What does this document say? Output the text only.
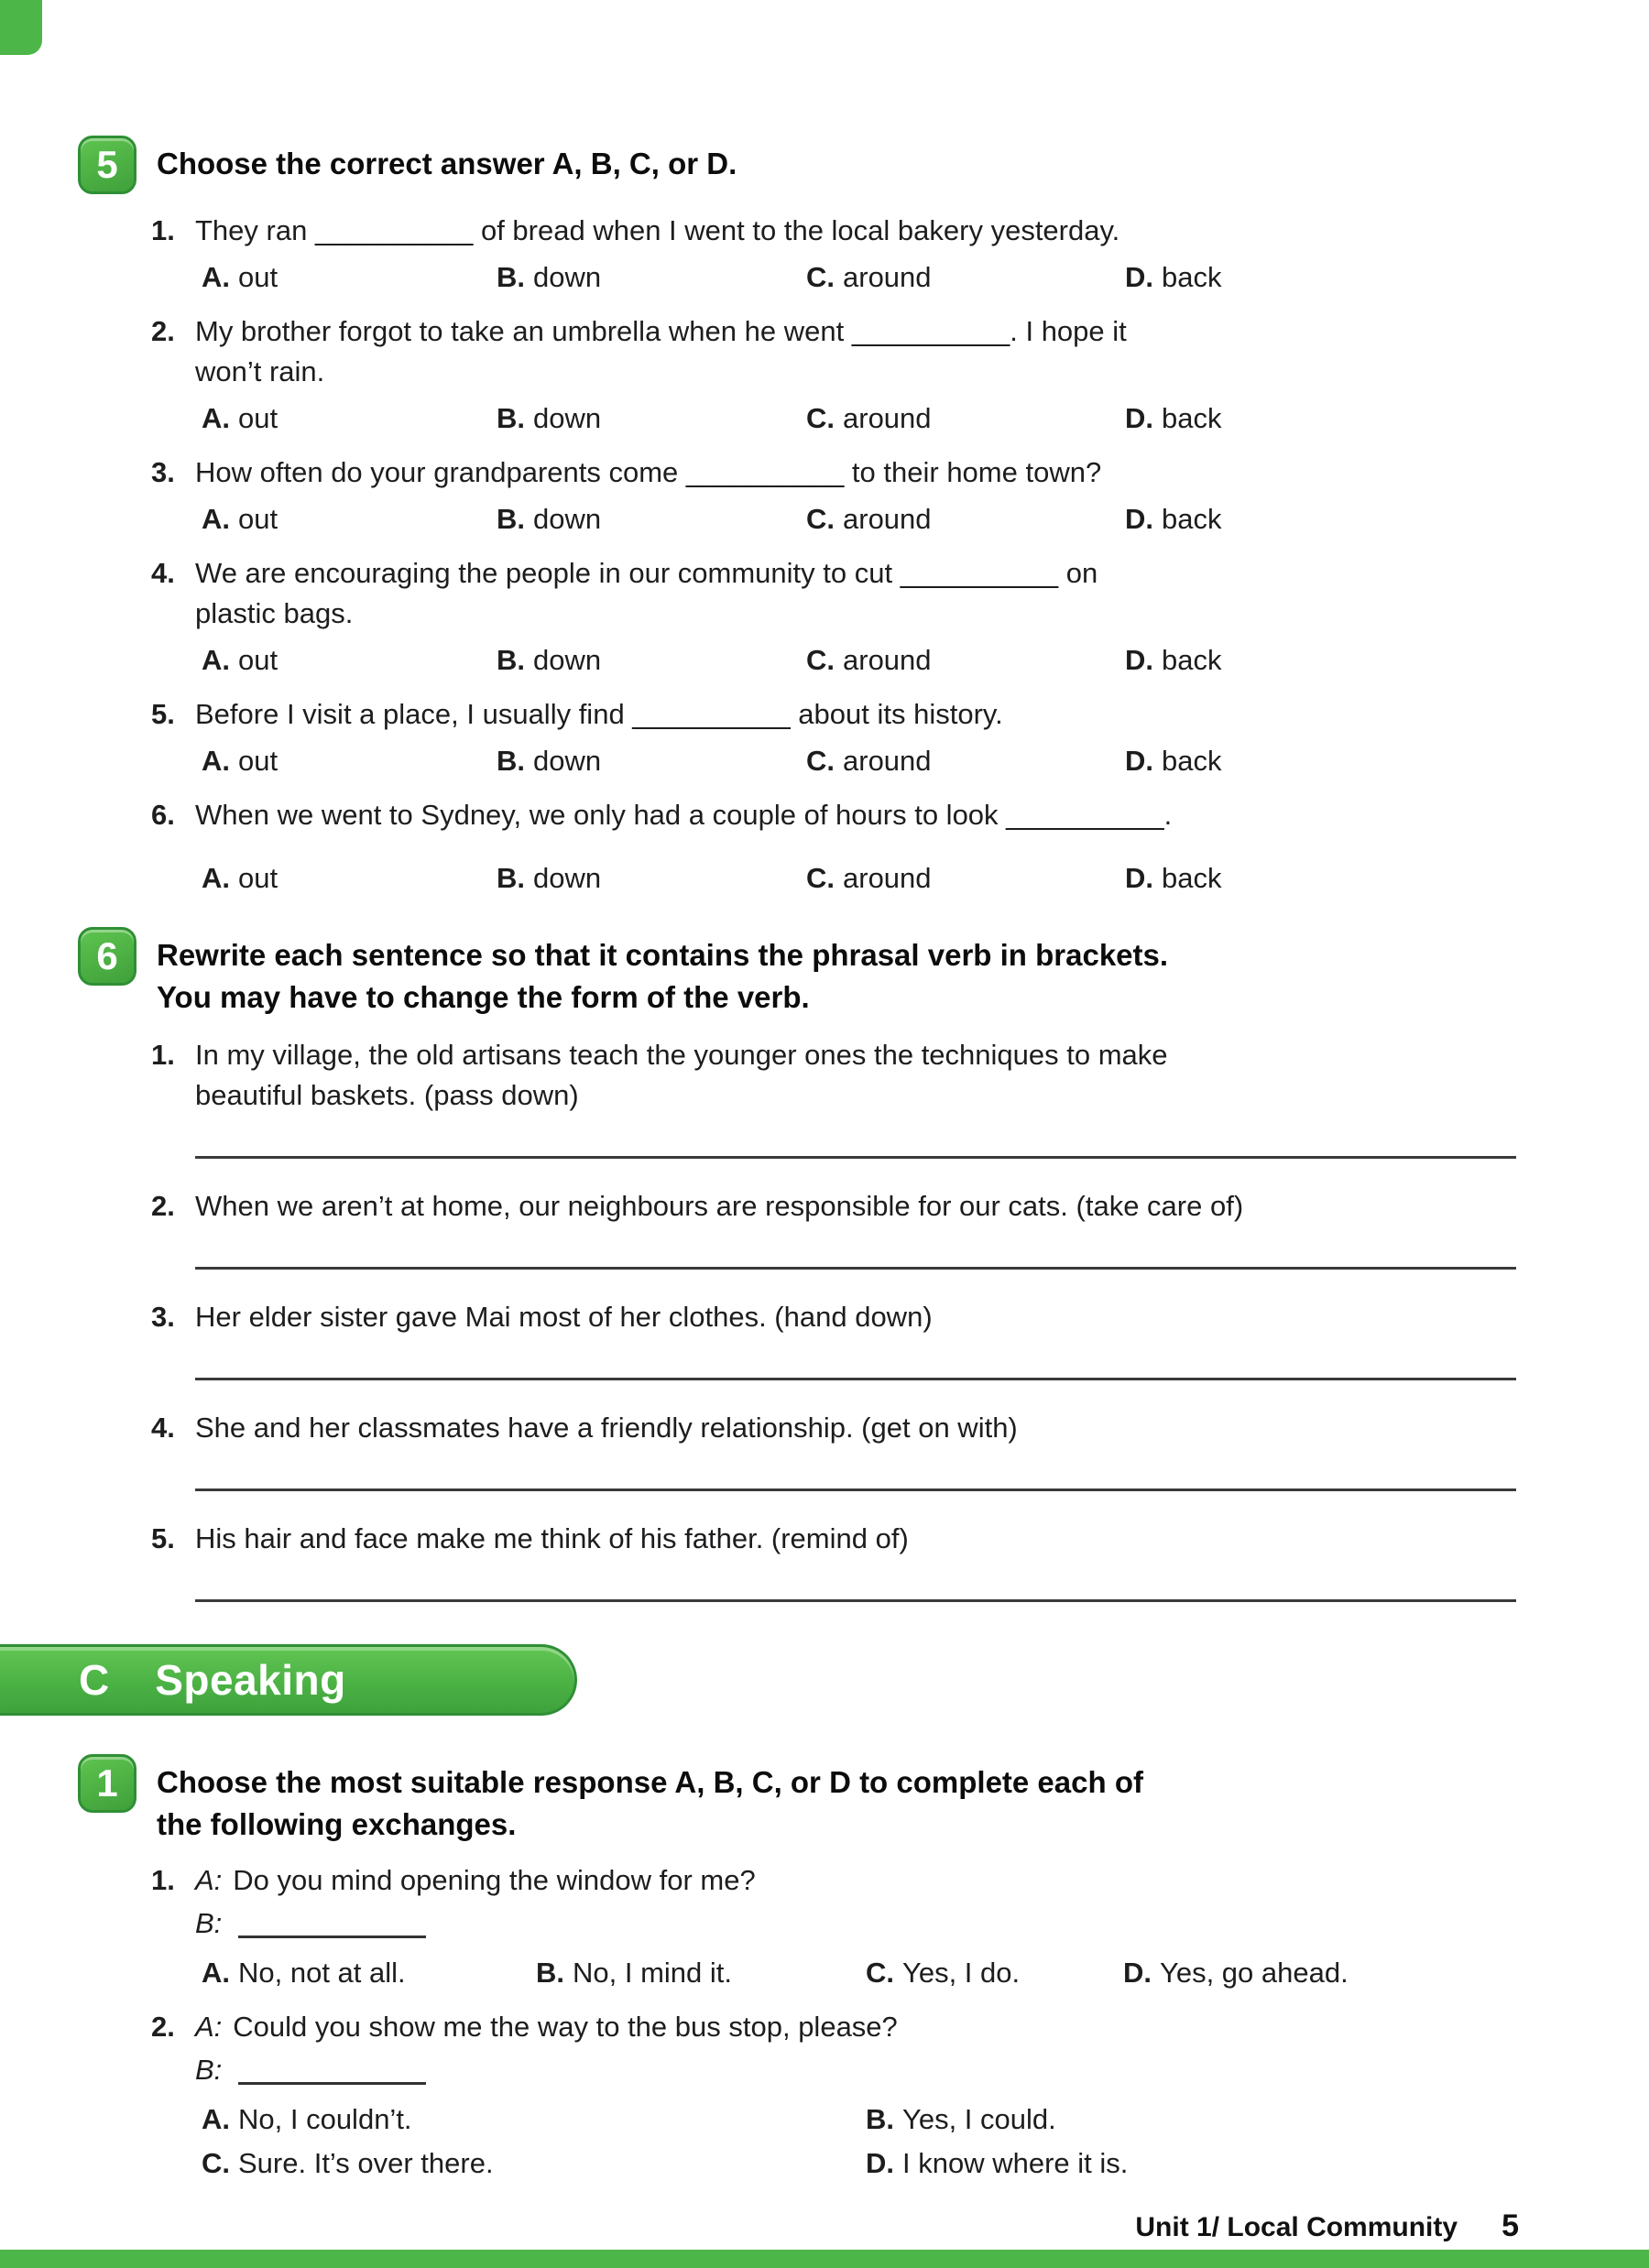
5	Choose the correct answer A, B, C, or D.
1. They ran __________ of bread when I went to the local bakery yesterday.
A. out	B. down	C. around	D. back
2. My brother forgot to take an umbrella when he went __________. I hope it
won’t rain.
A. out	B. down	C. around	D. back
3. How often do your grandparents come __________ to their home town?
A. out	B. down	C. around	D. back
4. We are encouraging the people in our community to cut __________ on
plastic bags.
A. out	B. down	C. around	D. back
5. Before I visit a place, I usually find __________ about its history.
A. out	B. down	C. around	D. back
6. When we went to Sydney, we only had a couple of hours to look __________.
A. out	B. down	C. around	D. back
6	Rewrite each sentence so that it contains the phrasal verb in brackets.
You may have to change the form of the verb.
1. In my village, the old artisans teach the younger ones the techniques to make
beautiful baskets. (pass down)
2. When we aren’t at home, our neighbours are responsible for our cats. (take care of)
3. Her elder sister gave Mai most of her clothes. (hand down)
4. She and her classmates have a friendly relationship. (get on with)
5. His hair and face make me think of his father. (remind of)
C Speaking
1	Choose the most suitable response A, B, C, or D to complete each of
the following exchanges.
1. A: Do you mind opening the window for me?
B:
A. No, not at all.	B. No, I mind it.	C. Yes, I do.	D. Yes, go ahead.
2. A: Could you show me the way to the bus stop, please?
B:
A. No, I couldn’t.	B. Yes, I could.
C. Sure. It’s over there.	D. I know where it is.
Unit 1/ Local Community 5
